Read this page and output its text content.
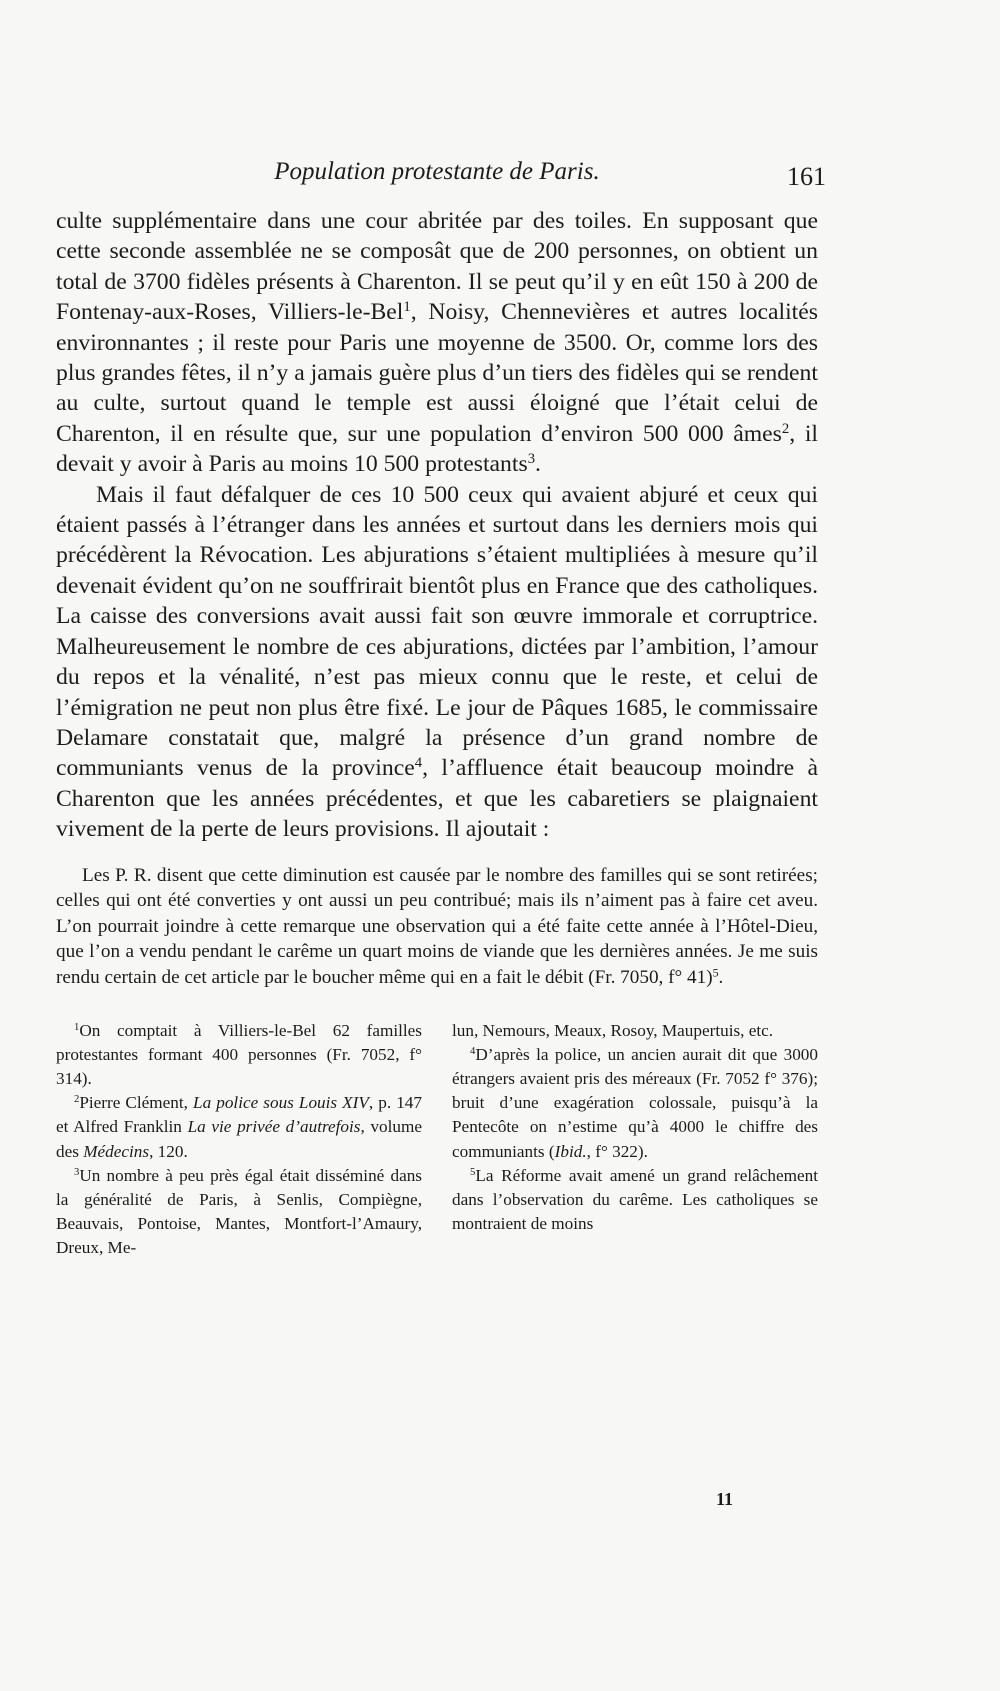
Population protestante de Paris.	161

culte supplémentaire dans une cour abritée par des toiles. En supposant que cette seconde assemblée ne se composât que de 200 personnes, on obtient un total de 3700 fidèles présents à Charenton. Il se peut qu’il y en eût 150 à 200 de Fontenay-aux-Roses, Villiers-le-Bel$^1$, Noisy, Chennevières et autres localités environnantes ; il reste pour Paris une moyenne de 3500. Or, comme lors des plus grandes fêtes, il n’y a jamais guère plus d’un tiers des fidèles qui se rendent au culte, surtout quand le temple est aussi éloigné que l’était celui de Charenton, il en résulte que, sur une population d’environ 500 000 âmes$^2$, il devait y avoir à Paris au moins 10 500 protestants$^3$.

Mais il faut défalquer de ces 10 500 ceux qui avaient abjuré et ceux qui étaient passés à l’étranger dans les années et surtout dans les derniers mois qui précédèrent la Révocation. Les abjurations s’étaient multipliées à mesure qu’il devenait évident qu’on ne souffrirait bientôt plus en France que des catholiques. La caisse des conversions avait aussi fait son œuvre immorale et corruptrice. Malheureusement le nombre de ces abjurations, dictées par l’ambition, l’amour du repos et la vénalité, n’est pas mieux connu que le reste, et celui de l’émigration ne peut non plus être fixé. Le jour de Pâques 1685, le commissaire Delamare constatait que, malgré la présence d’un grand nombre de communiants venus de la province$^4$, l’affluence était beaucoup moindre à Charenton que les années précédentes, et que les cabaretiers se plaignaient vivement de la perte de leurs provisions. Il ajoutait :

Les P. R. disent que cette diminution est causée par le nombre des familles qui se sont retirées; celles qui ont été converties y ont aussi un peu contribué; mais ils n’aiment pas à faire cet aveu. L’on pourrait joindre à cette remarque une observation qui a été faite cette année à l’Hôtel-Dieu, que l’on a vendu pendant le carême un quart moins de viande que les dernières années. Je me suis rendu certain de cet article par le boucher même qui en a fait le débit (Fr. 7050, f° 41)$^5$.

$^1$On comptait à Villiers-le-Bel 62 familles protestantes formant 400 personnes (Fr. 7052, f° 314).

$^2$Pierre Clément, La police sous Louis XIV, p. 147 et Alfred Franklin La vie privée d’autrefois, volume des Médecins, 120.

$^3$Un nombre à peu près égal était disséminé dans la généralité de Paris, à Senlis, Compiègne, Beauvais, Pontoise, Mantes, Montfort-l’Amaury, Dreux, Me-

lun, Nemours, Meaux, Rosoy, Maupertuis, etc.

$^4$D’après la police, un ancien aurait dit que 3000 étrangers avaient pris des méreaux (Fr. 7052 f° 376); bruit d’une exagération colossale, puisqu’à la Pentecôte on n’estime qu’à 4000 le chiffre des communiants (Ibid., f° 322).

$^5$La Réforme avait amené un grand relâchement dans l’observation du carême. Les catholiques se montraient de moins

11
